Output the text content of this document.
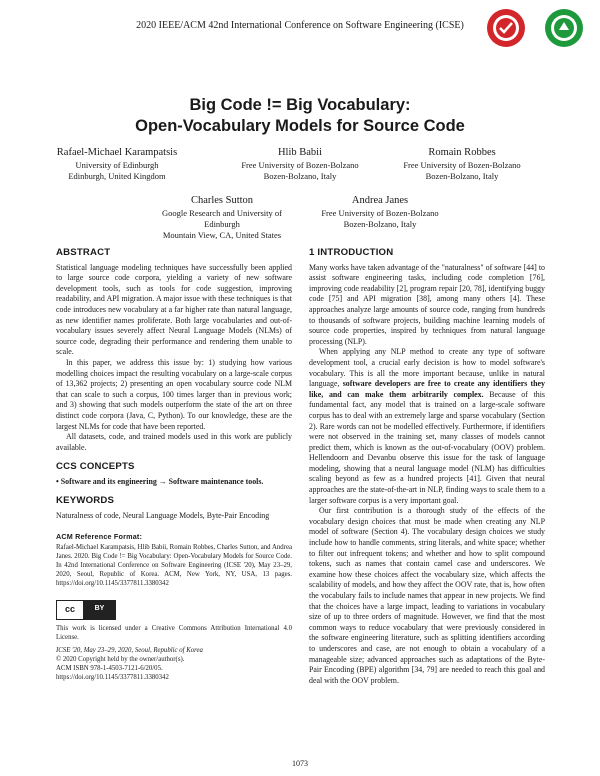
2020 IEEE/ACM 42nd International Conference on Software Engineering (ICSE)
Big Code != Big Vocabulary:
Open-Vocabulary Models for Source Code
Rafael-Michael Karampatsis
University of Edinburgh
Edinburgh, United Kingdom
Hlib Babii
Free University of Bozen-Bolzano
Bozen-Bolzano, Italy
Romain Robbes
Free University of Bozen-Bolzano
Bozen-Bolzano, Italy
Charles Sutton
Google Research and University of
Edinburgh
Mountain View, CA, United States
Andrea Janes
Free University of Bozen-Bolzano
Bozen-Bolzano, Italy
ABSTRACT

Statistical language modeling techniques have successfully been applied to large source code corpora, yielding a variety of new software development tools, such as tools for code suggestion, improving readability, and API migration. A major issue with these techniques is that code introduces new vocabulary at a far higher rate than natural language, as new identifier names proliferate. Both large vocabularies and out-of-vocabulary issues severely affect Neural Language Models (NLMs) of source code, degrading their performance and rendering them unable to scale.

In this paper, we address this issue by: 1) studying how various modelling choices impact the resulting vocabulary on a large-scale corpus of 13,362 projects; 2) presenting an open vocabulary source code NLM that can scale to such a corpus, 100 times larger than in previous work; and 3) showing that such models outperform the state of the art on three distinct code corpora (Java, C, Python). To our knowledge, these are the largest NLMs for code that have been reported.

All datasets, code, and trained models used in this work are publicly available.

CCS CONCEPTS

• Software and its engineering → Software maintenance tools.

KEYWORDS

Naturalness of code, Neural Language Models, Byte-Pair Encoding

ACM Reference Format:

Rafael-Michael Karampatsis, Hlib Babii, Romain Robbes, Charles Sutton, and Andrea Janes. 2020. Big Code != Big Vocabulary: Open-Vocabulary Models for Source Code. In 42nd International Conference on Software Engineering (ICSE '20), May 23–29, 2020, Seoul, Republic of Korea. ACM, New York, NY, USA, 13 pages. https://doi.org/10.1145/3377811.3380342

cc	BY

This work is licensed under a Creative Commons Attribution International 4.0 License.

ICSE '20, May 23–29, 2020, Seoul, Republic of Korea

© 2020 Copyright held by the owner/author(s).

ACM ISBN 978-1-4503-7121-6/20/05.

https://doi.org/10.1145/3377811.3380342

1 INTRODUCTION

Many works have taken advantage of the "naturalness" of software [44] to assist software engineering tasks, including code completion [76], improving code readability [2], program repair [20, 78], identifying buggy code [75] and API migration [38], among many others [4]. These approaches analyze large amounts of source code, ranging from hundreds to thousands of software projects, building machine learning models of source code properties, inspired by techniques from natural language processing (NLP).

When applying any NLP method to create any type of software development tool, a crucial early decision is how to model software's vocabulary. This is all the more important because, unlike in natural language, software developers are free to create any identifiers they like, and can make them arbitrarily complex. Because of this fundamental fact, any model that is trained on a large-scale software corpus has to deal with an extremely large and sparse vocabulary (Section 2). Rare words can not be modelled effectively. Furthermore, if identifiers were not observed in the training set, many classes of models cannot predict them, which is known as the out-of-vocabulary (OOV) problem. Hellendoorn and Devanbu observe this issue for the task of language modeling, showing that a neural language model (NLM) has difficulties scaling beyond as few as a hundred projects [41]. Given that neural approaches are the state-of-the-art in NLP, finding ways to scale them to a larger software corpus is a very important goal.

Our first contribution is a thorough study of the effects of the vocabulary design choices that must be made when creating any NLP model of software (Section 4). The vocabulary design choices we study include how to handle comments, string literals, and white space; whether to filter out infrequent tokens; and whether and how to split compound tokens, such as names that contain camel case and underscores. We examine how these choices affect the vocabulary size, which affects the scalability of models, and how they affect the OOV rate, that is, how often the vocabulary fails to include names that appear in new projects. We find that the choices have a large impact, leading to variations in vocabulary size of up to three orders of magnitude. However, we find that the most common ways to reduce vocabulary that were previously considered in the software engineering literature, such as splitting identifiers according to underscores and case, are not enough to obtain a vocabulary of a manageable size; advanced approaches such as adaptations of the Byte-Pair Encoding (BPE) algorithm [34, 79] are needed to reach this goal and deal with the OOV problem.

1073
